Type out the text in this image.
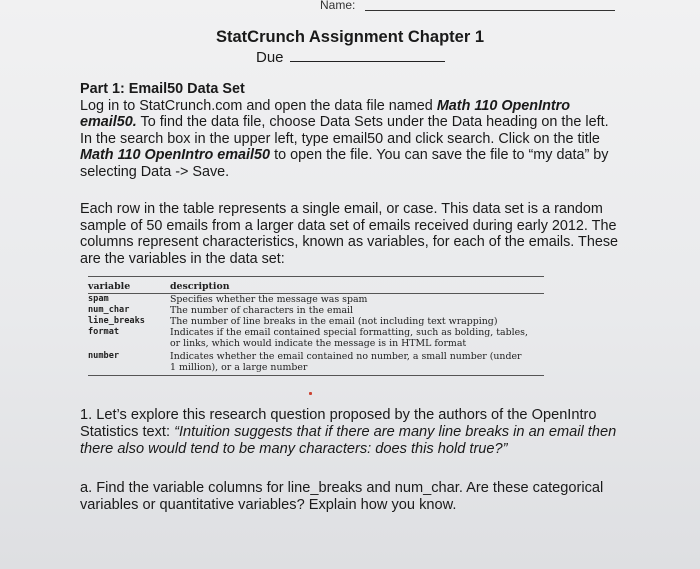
Name:
StatCrunch Assignment Chapter 1
Due
Part 1: Email50 Data Set
Log in to StatCrunch.com and open the data file named Math 110 OpenIntro email50. To find the data file, choose Data Sets under the Data heading on the left. In the search box in the upper left, type email50 and click search. Click on the title Math 110 OpenIntro email50 to open the file. You can save the file to “my data” by selecting Data -> Save.
Each row in the table represents a single email, or case. This data set is a random sample of 50 emails from a larger data set of emails received during early 2012. The columns represent characteristics, known as variables, for each of the emails. These are the variables in the data set:
variable	description
spam	Specifies whether the message was spam
num_char	The number of characters in the email
line_breaks	The number of line breaks in the email (not including text wrapping)
format	Indicates if the email contained special formatting, such as bolding, tables,
or links, which would indicate the message is in HTML format
number	Indicates whether the email contained no number, a small number (under
1 million), or a large number
1. Let’s explore this research question proposed by the authors of the OpenIntro Statistics text: “Intuition suggests that if there are many line breaks in an email then there also would tend to be many characters: does this hold true?”
a. Find the variable columns for line_breaks and num_char. Are these categorical variables or quantitative variables? Explain how you know.
